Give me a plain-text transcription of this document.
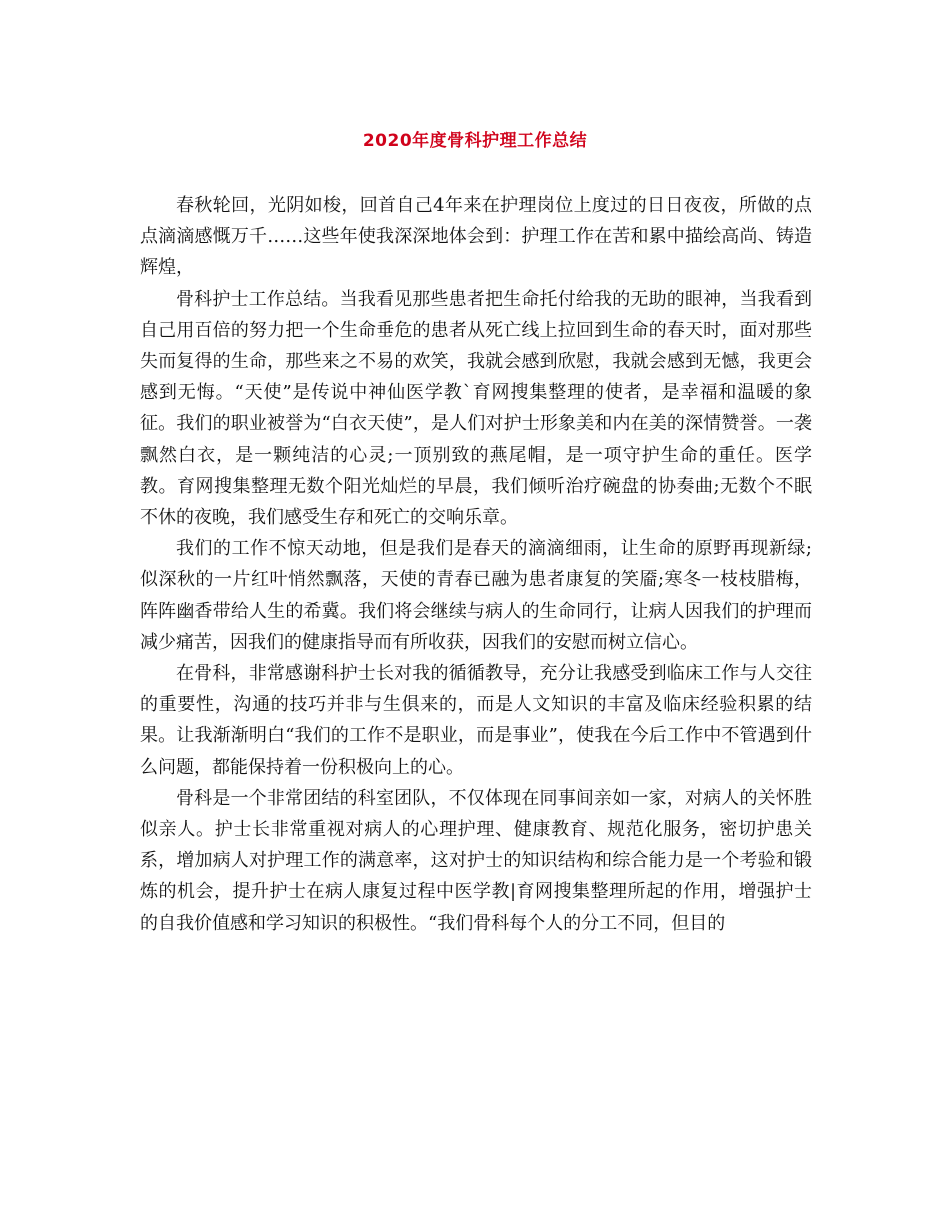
2020年度骨科护理工作总结

春秋轮回，光阴如梭，回首自己4年来在护理岗位上度过的日日夜夜，所做的点点滴滴感慨万千……这些年使我深深地体会到：护理工作在苦和累中描绘高尚、铸造辉煌，

骨科护士工作总结。当我看见那些患者把生命托付给我的无助的眼神，当我看到自己用百倍的努力把一个生命垂危的患者从死亡线上拉回到生命的春天时，面对那些失而复得的生命，那些来之不易的欢笑，我就会感到欣慰，我就会感到无憾，我更会感到无悔。“天使”是传说中神仙医学教`育网搜集整理的使者，是幸福和温暖的象征。我们的职业被誉为“白衣天使”，是人们对护士形象美和内在美的深情赞誉。一袭飘然白衣，是一颗纯洁的心灵;一顶别致的燕尾帽，是一项守护生命的重任。医学教。育网搜集整理无数个阳光灿烂的早晨，我们倾听治疗碗盘的协奏曲;无数个不眠不休的夜晚，我们感受生存和死亡的交响乐章。

我们的工作不惊天动地，但是我们是春天的滴滴细雨，让生命的原野再现新绿;似深秋的一片红叶悄然飘落，天使的青春已融为患者康复的笑靥;寒冬一枝枝腊梅，阵阵幽香带给人生的希冀。我们将会继续与病人的生命同行，让病人因我们的护理而减少痛苦，因我们的健康指导而有所收获，因我们的安慰而树立信心。

在骨科，非常感谢科护士长对我的循循教导，充分让我感受到临床工作与人交往的重要性，沟通的技巧并非与生俱来的，而是人文知识的丰富及临床经验积累的结果。让我渐渐明白“我们的工作不是职业，而是事业”，使我在今后工作中不管遇到什么问题，都能保持着一份积极向上的心。

骨科是一个非常团结的科室团队，不仅体现在同事间亲如一家，对病人的关怀胜似亲人。护士长非常重视对病人的心理护理、健康教育、规范化服务，密切护患关系，增加病人对护理工作的满意率，这对护士的知识结构和综合能力是一个考验和锻炼的机会，提升护士在病人康复过程中医学教|育网搜集整理所起的作用，增强护士的自我价值感和学习知识的积极性。“我们骨科每个人的分工不同，但目的
